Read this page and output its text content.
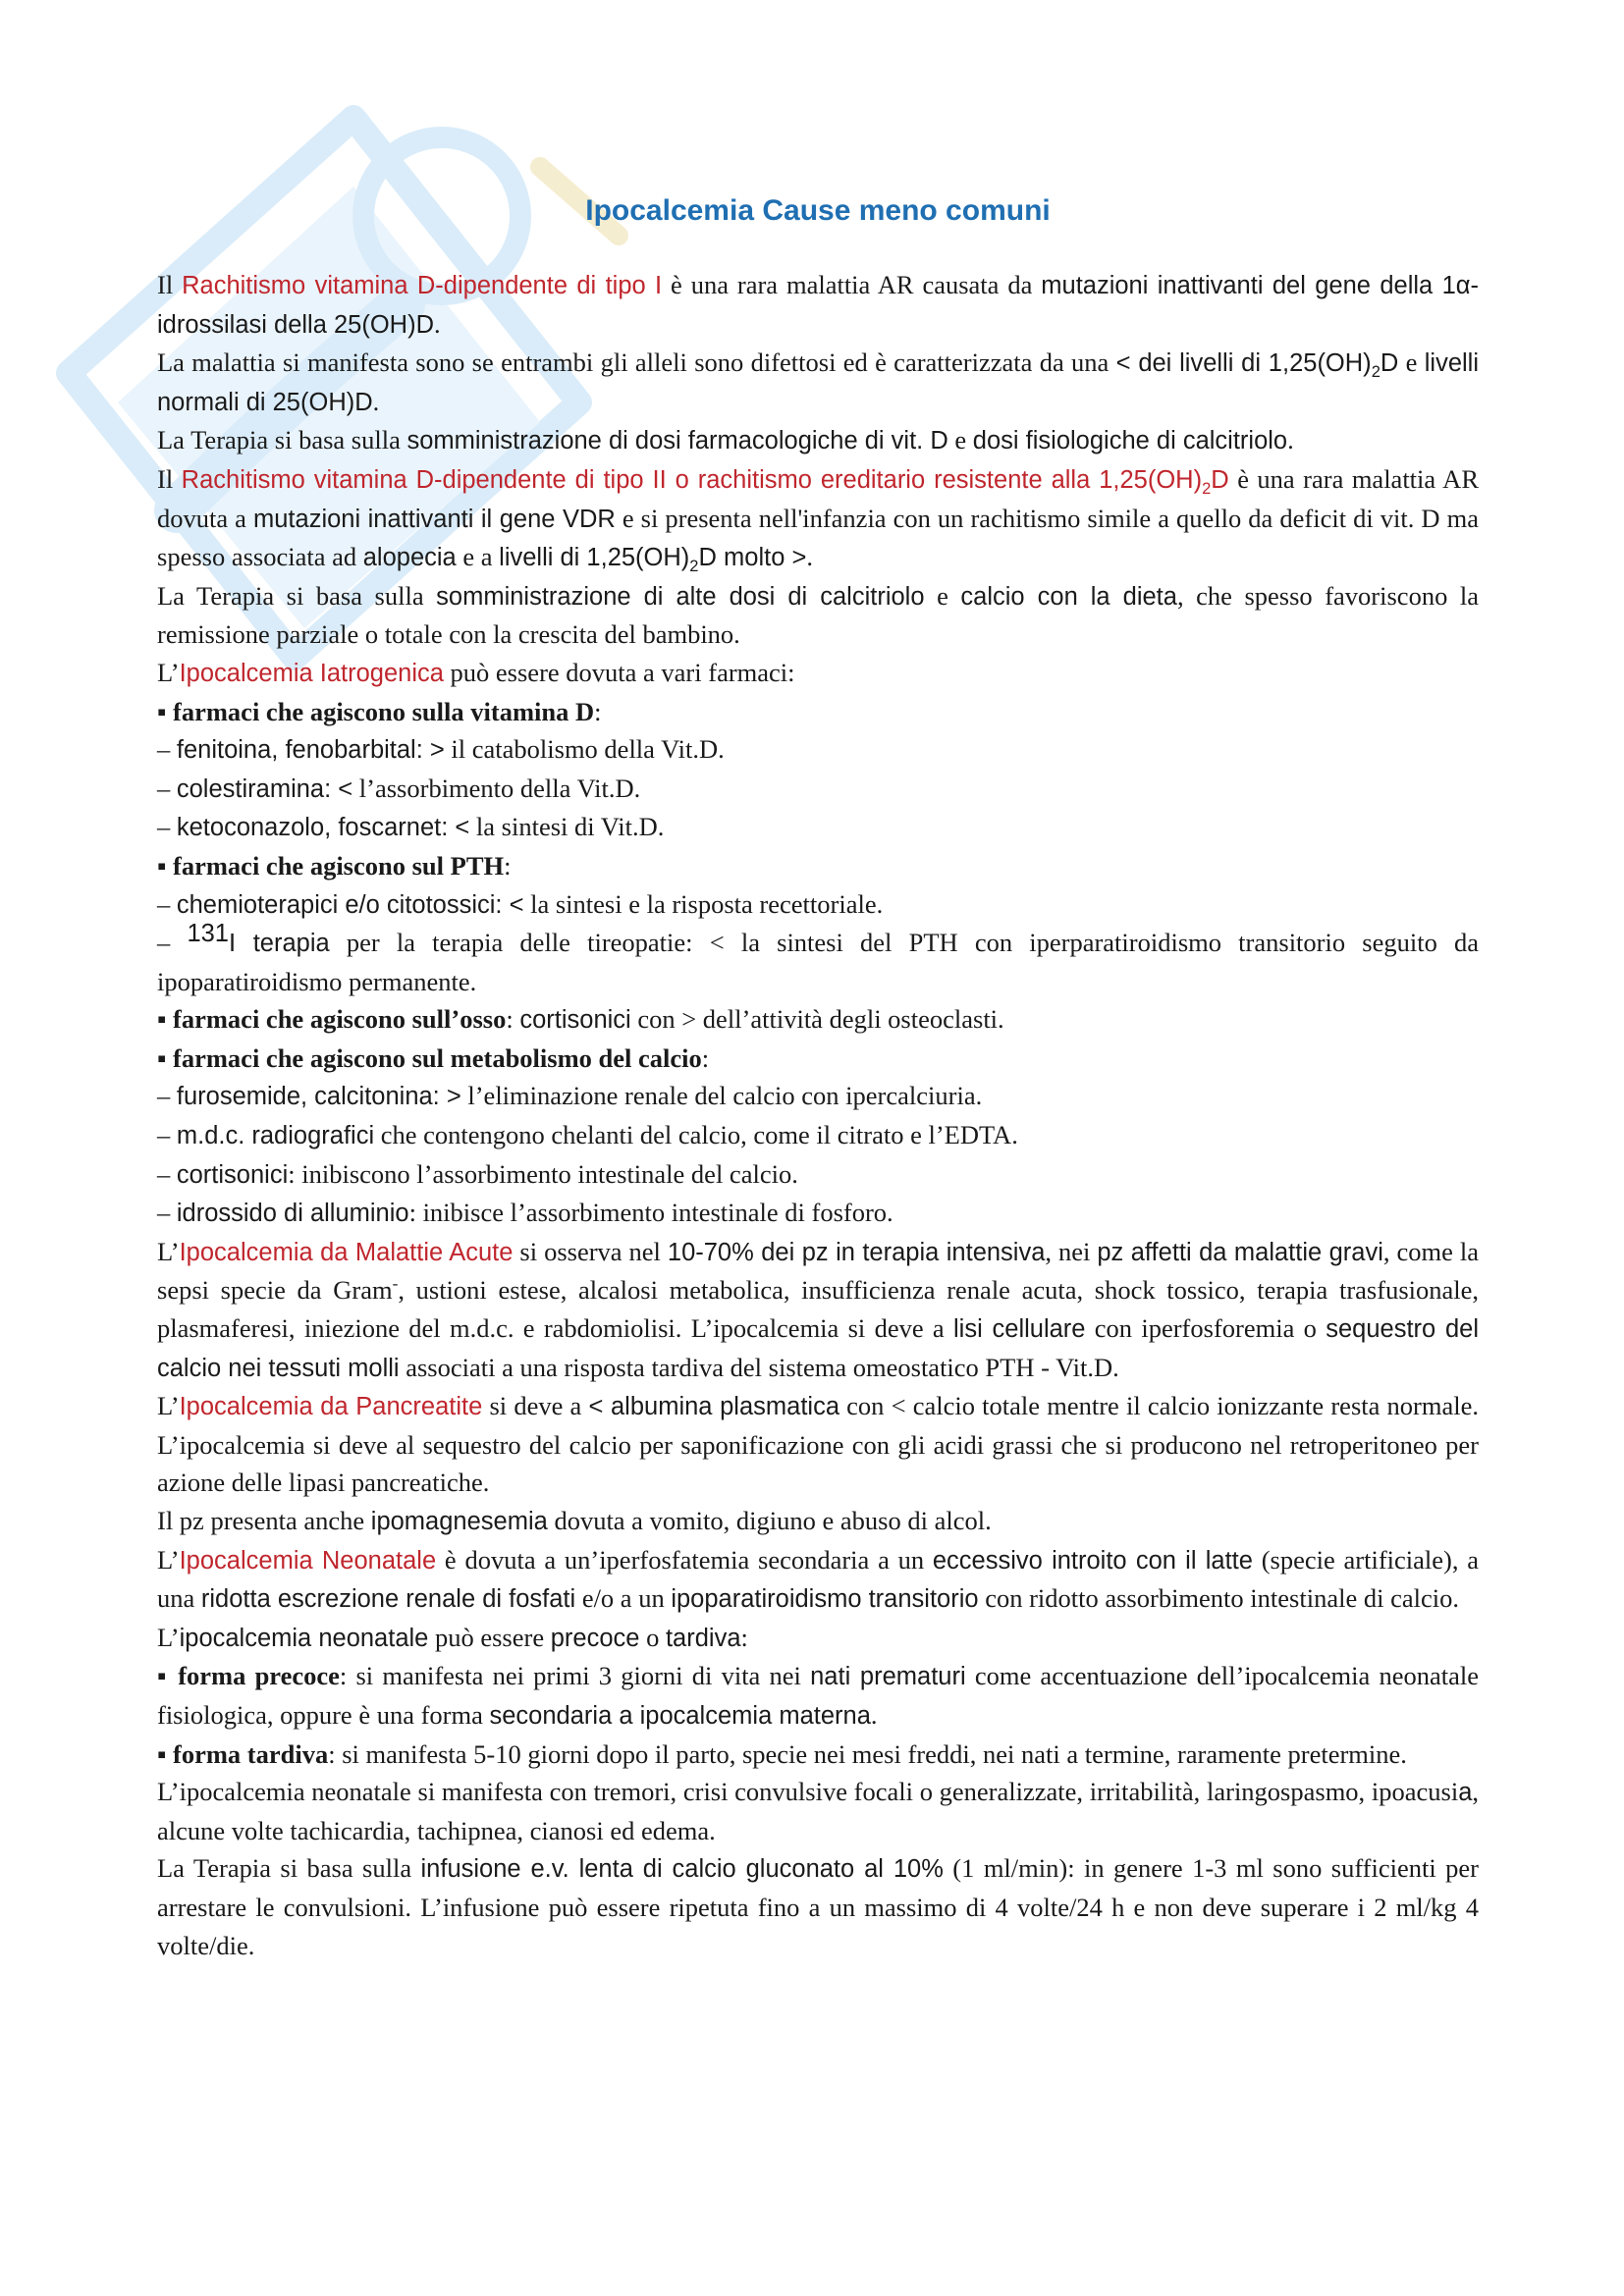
Ipocalcemia Cause meno comuni

Il Rachitismo vitamina D-dipendente di tipo I è una rara malattia AR causata da mutazioni inattivanti del gene della 1α-idrossilasi della 25(OH)D.

La malattia si manifesta sono se entrambi gli alleli sono difettosi ed è caratterizzata da una < dei livelli di $1,25(OH)_2D$ e livelli normali di 25(OH)D.

La Terapia si basa sulla somministrazione di dosi farmacologiche di vit. D e dosi fisiologiche di calcitriolo.

Il Rachitismo vitamina D-dipendente di tipo II o rachitismo ereditario resistente alla $1,25(OH)_2D$ è una rara malattia AR dovuta a mutazioni inattivanti il gene VDR e si presenta nell'infanzia con un rachitismo simile a quello da deficit di vit. D ma spesso associata ad alopecia e a livelli di $1,25(OH)_2D$ molto >.

La Terapia si basa sulla somministrazione di alte dosi di calcitriolo e calcio con la dieta, che spesso favoriscono la remissione parziale o totale con la crescita del bambino.

L’Ipocalcemia Iatrogenica può essere dovuta a vari farmaci:

▪ farmaci che agiscono sulla vitamina D:

– fenitoina, fenobarbital: > il catabolismo della Vit.D.

– colestiramina: < l’assorbimento della Vit.D.

– ketoconazolo, foscarnet: < la sintesi di Vit.D.

▪ farmaci che agiscono sul PTH:

– chemioterapici e/o citotossici: < la sintesi e la risposta recettoriale.

– $^{131}$I terapia per la terapia delle tireopatie: < la sintesi del PTH con iperparatiroidismo transitorio seguito da ipoparatiroidismo permanente.

▪ farmaci che agiscono sull’osso: cortisonici con > dell’attività degli osteoclasti.

▪ farmaci che agiscono sul metabolismo del calcio:

– furosemide, calcitonina: > l’eliminazione renale del calcio con ipercalciuria.

– m.d.c. radiografici che contengono chelanti del calcio, come il citrato e l’EDTA.

– cortisonici: inibiscono l’assorbimento intestinale del calcio.

– idrossido di alluminio: inibisce l’assorbimento intestinale di fosforo.

L’Ipocalcemia da Malattie Acute si osserva nel 10-70% dei pz in terapia intensiva, nei pz affetti da malattie gravi, come la sepsi specie da Gram-, ustioni estese, alcalosi metabolica, insufficienza renale acuta, shock tossico, terapia trasfusionale, plasmaferesi, iniezione del m.d.c. e rabdomiolisi. L’ipocalcemia si deve a lisi cellulare con iperfosforemia o sequestro del calcio nei tessuti molli associati a una risposta tardiva del sistema omeostatico PTH - Vit.D.

L’Ipocalcemia da Pancreatite si deve a < albumina plasmatica con < calcio totale mentre il calcio ionizzante resta normale. L’ipocalcemia si deve al sequestro del calcio per saponificazione con gli acidi grassi che si producono nel retroperitoneo per azione delle lipasi pancreatiche.

Il pz presenta anche ipomagnesemia dovuta a vomito, digiuno e abuso di alcol.

L’Ipocalcemia Neonatale è dovuta a un’iperfosfatemia secondaria a un eccessivo introito con il latte (specie artificiale), a una ridotta escrezione renale di fosfati e/o a un ipoparatiroidismo transitorio con ridotto assorbimento intestinale di calcio.

L’ipocalcemia neonatale può essere precoce o tardiva:

▪ forma precoce: si manifesta nei primi 3 giorni di vita nei nati prematuri come accentuazione dell’ipocalcemia neonatale fisiologica, oppure è una forma secondaria a ipocalcemia materna.

▪ forma tardiva: si manifesta 5-10 giorni dopo il parto, specie nei mesi freddi, nei nati a termine, raramente pretermine.

L’ipocalcemia neonatale si manifesta con tremori, crisi convulsive focali o generalizzate, irritabilità, laringospasmo, ipoacusia, alcune volte tachicardia, tachipnea, cianosi ed edema.

La Terapia si basa sulla infusione e.v. lenta di calcio gluconato al 10% (1 ml/min): in genere 1-3 ml sono sufficienti per arrestare le convulsioni. L’infusione può essere ripetuta fino a un massimo di 4 volte/24 h e non deve superare i 2 ml/kg 4 volte/die.
